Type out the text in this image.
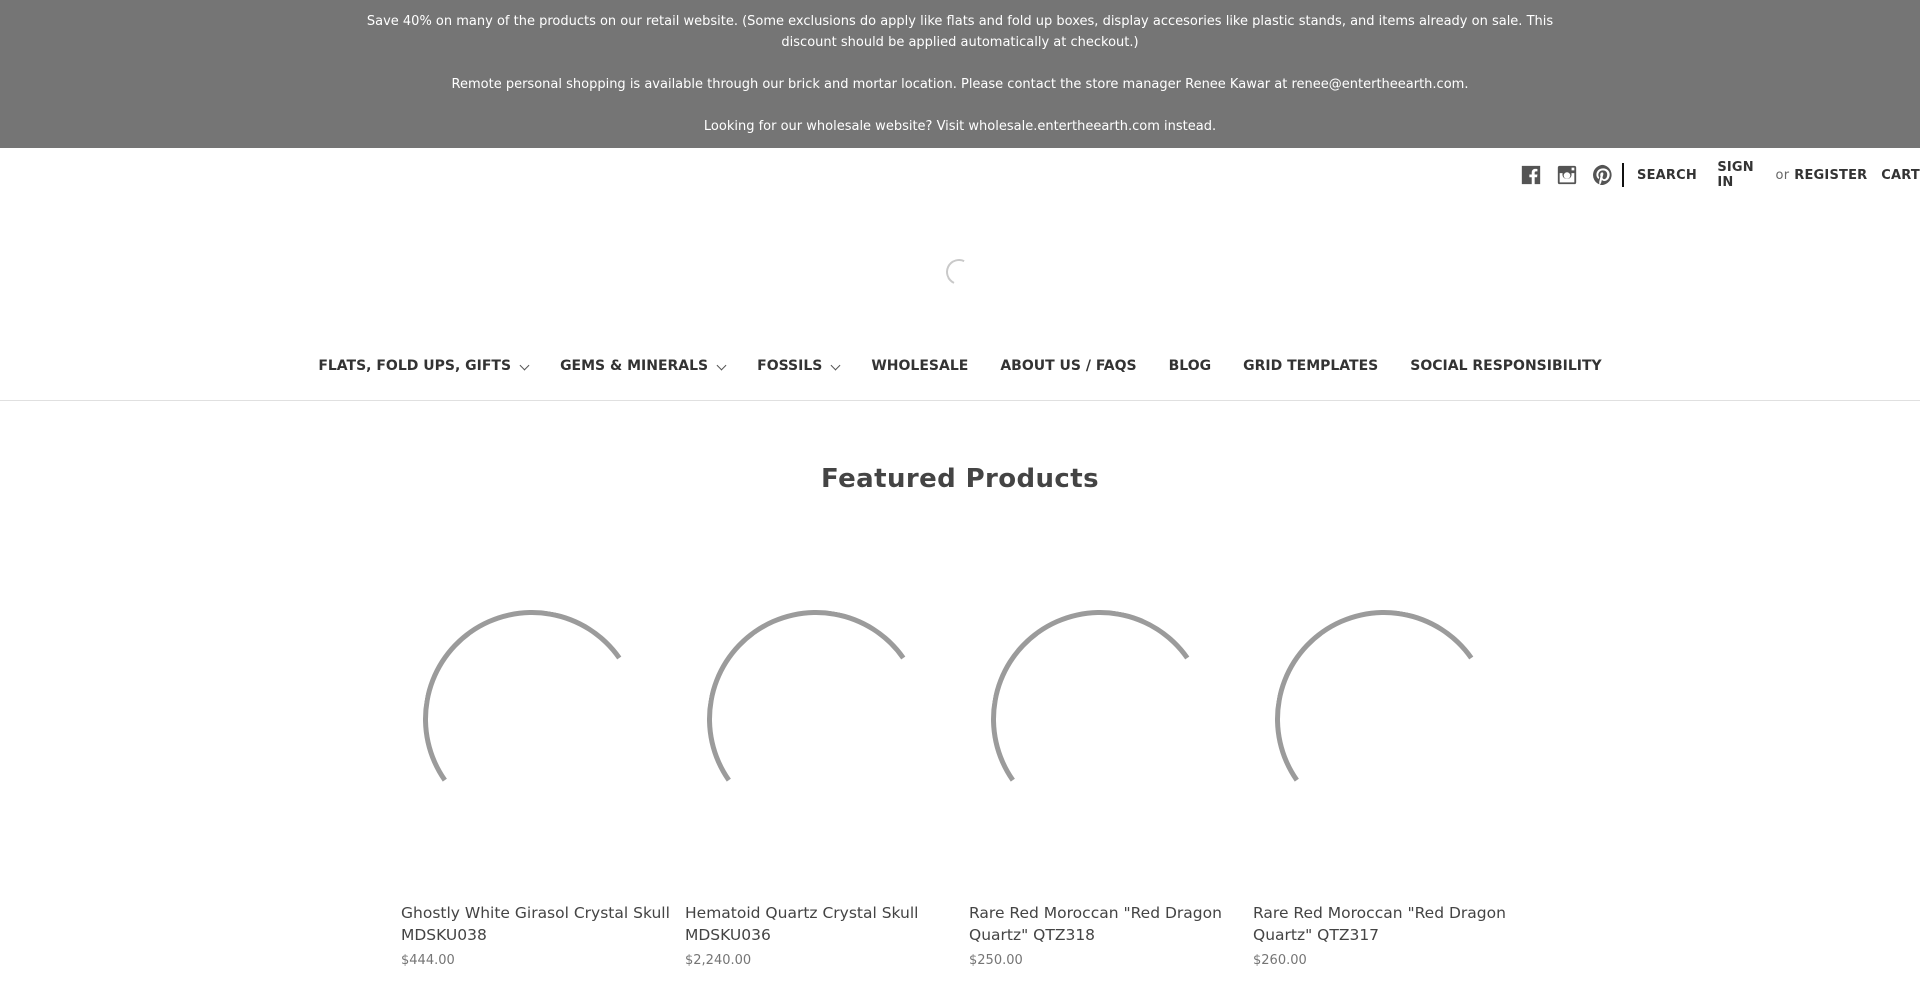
Save 40% on many of the products on our retail website. (Some exclusions do apply like flats and fold up boxes, display accesories like plastic stands, and items already on sale. This discount should be applied automatically at checkout.)

Remote personal shopping is available through our brick and mortar location. Please contact the store manager Renee Kawar at renee@entertheearth.com.

Looking for our wholesale website? Visit wholesale.entertheearth.com instead.

SEARCH SIGN IN	or REGISTER CART
FLATS, FOLD UPS, GIFTS	GEMS & MINERALS	FOSSILS	WHOLESALE ABOUT US / FAQS BLOG GRID TEMPLATES SOCIAL RESPONSIBILITY
Featured Products
Ghostly White Girasol Crystal Skull MDSKU038
$444.00
Hematoid Quartz Crystal Skull MDSKU036
$2,240.00
Rare Red Moroccan "Red Dragon Quartz" QTZ318
$250.00
Rare Red Moroccan "Red Dragon Quartz" QTZ317
$260.00
